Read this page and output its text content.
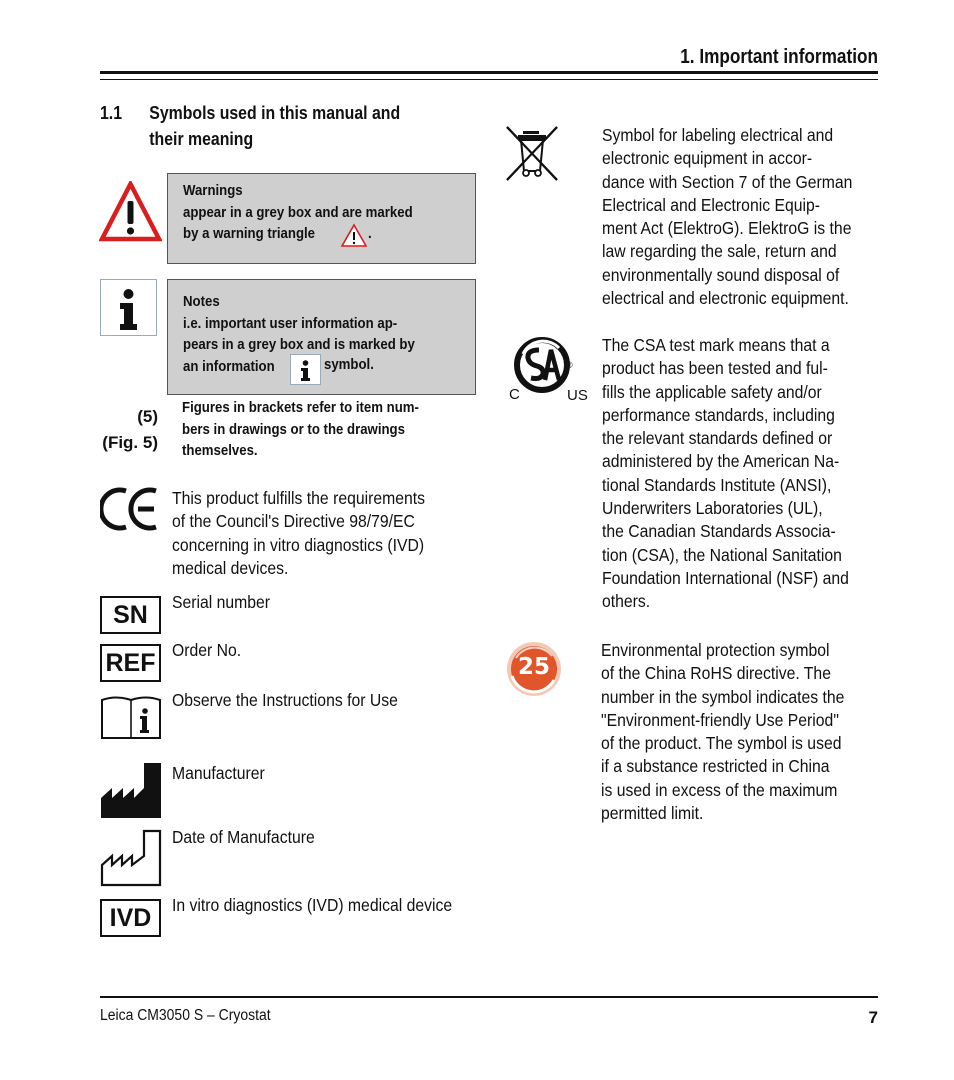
1. Important information
1.1 Symbols used in this manual and
their meaning
Warnings
appear in a grey box and are marked
by a warning triangle	.
Notes
i.e. important user information ap-
pears in a grey box and is marked by
an information	symbol.
(5)
(Fig. 5)
Figures in brackets refer to item num-
bers in drawings or to the drawings
themselves.
This product fulfills the requirements
of the Council's Directive 98/79/EC
concerning in vitro diagnostics (IVD)
medical devices.
SN	Serial number
REF Order No.
Observe the Instructions for Use
Manufacturer
Date of Manufacture
IVD	In vitro diagnostics (IVD) medical device
Symbol for labeling electrical and
electronic equipment in accor-
dance with Section 7 of the German
Electrical and Electronic Equip-
ment Act (ElektroG). ElektroG is the
law regarding the sale, return and
environmentally sound disposal of
electrical and electronic equipment.
®
C	US
The CSA test mark means that a
product has been tested and ful-
fills the applicable safety and/or
performance standards, including
the relevant standards defined or
administered by the American Na-
tional Standards Institute (ANSI),
Underwriters Laboratories (UL),
the Canadian Standards Associa-
tion (CSA), the National Sanitation
Foundation International (NSF) and
others.
25
Environmental protection symbol
of the China RoHS directive. The
number in the symbol indicates the
"Environment-friendly Use Period"
of the product. The symbol is used
if a substance restricted in China
is used in excess of the maximum
permitted limit.
Leica CM3050 S – Cryostat	7
